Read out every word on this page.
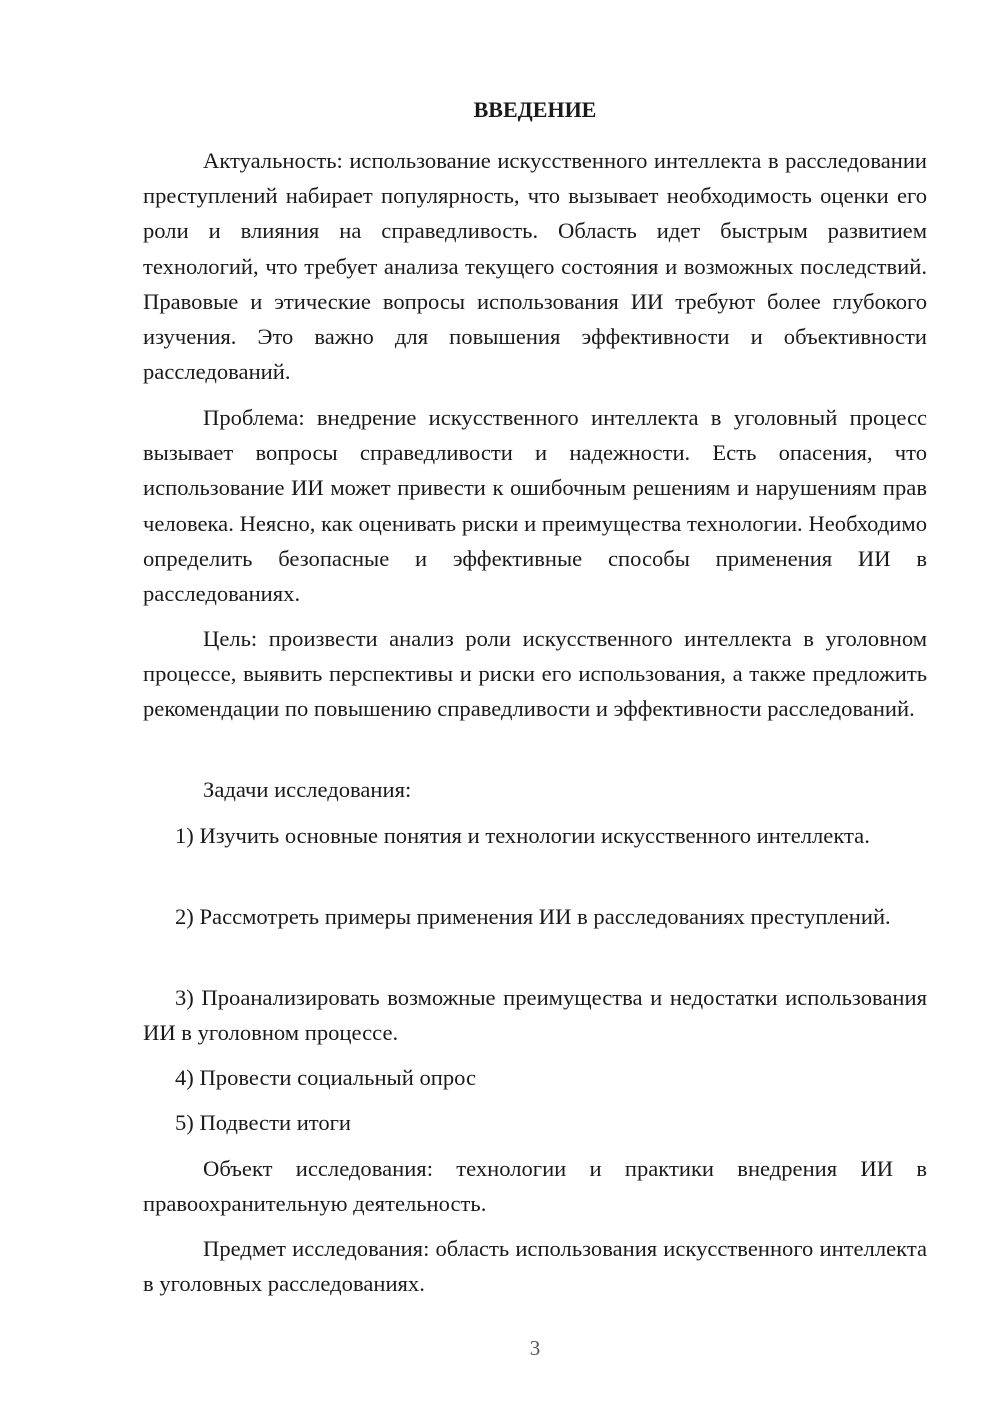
ВВЕДЕНИЕ

Актуальность: использование искусственного интеллекта в расследовании преступлений набирает популярность, что вызывает необходимость оценки его роли и влияния на справедливость. Область идет быстрым развитием технологий, что требует анализа текущего состояния и возможных последствий. Правовые и этические вопросы использования ИИ требуют более глубокого изучения. Это важно для повышения эффективности и объективности расследований.

Проблема: внедрение искусственного интеллекта в уголовный процесс вызывает вопросы справедливости и надежности. Есть опасения, что использование ИИ может привести к ошибочным решениям и нарушениям прав человека. Неясно, как оценивать риски и преимущества технологии. Необходимо определить безопасные и эффективные способы применения ИИ в расследованиях.

Цель: произвести анализ роли искусственного интеллекта в уголовном процессе, выявить перспективы и риски его использования, а также предложить рекомендации по повышению справедливости и эффективности расследований.

Задачи исследования:

1) Изучить основные понятия и технологии искусственного интеллекта.

2) Рассмотреть примеры применения ИИ в расследованиях преступлений.

3) Проанализировать возможные преимущества и недостатки использования ИИ в уголовном процессе.

4) Провести социальный опрос

5) Подвести итоги

Объект исследования: технологии и практики внедрения ИИ в правоохранительную деятельность.

Предмет исследования: область использования искусственного интеллекта в уголовных расследованиях.

3
